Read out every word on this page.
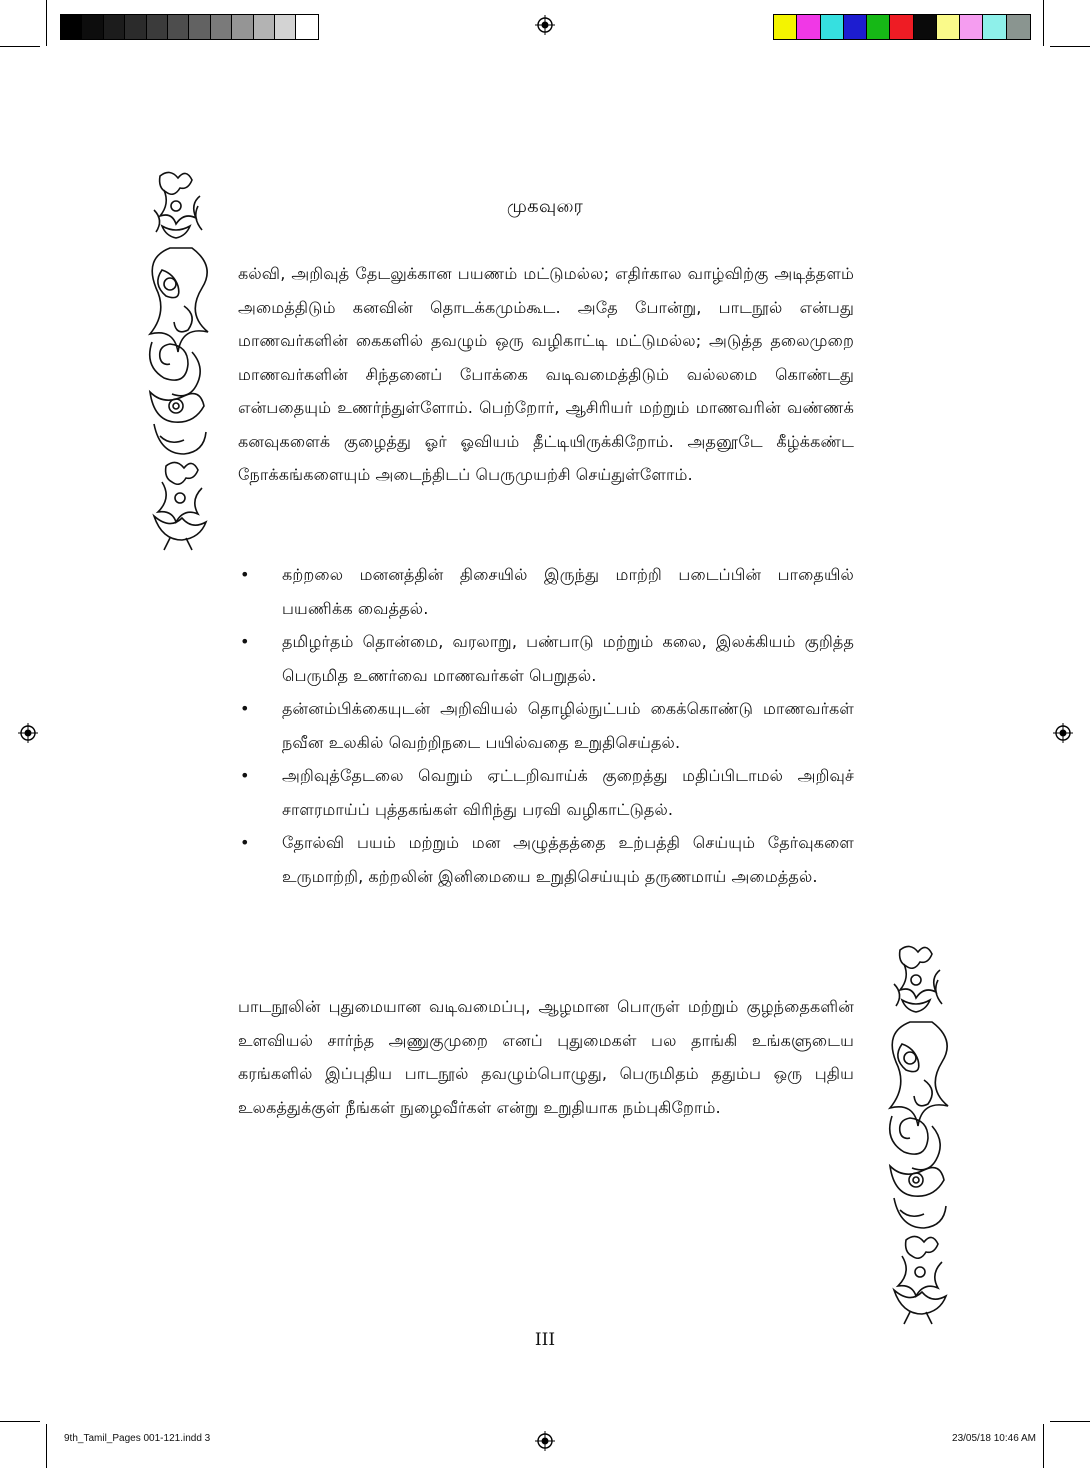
முகவுரை

கல்வி, அறிவுத் தேடலுக்கான பயணம் மட்டுமல்ல; எதிர்கால வாழ்விற்கு அடித்தளம் அமைத்திடும் கனவின் தொடக்கமும்கூட. அதே போன்று, பாடநூல் என்பது மாணவர்களின் கைகளில் தவழும் ஒரு வழிகாட்டி மட்டுமல்ல; அடுத்த தலைமுறை மாணவர்களின் சிந்தனைப் போக்கை வடிவமைத்திடும் வல்லமை கொண்டது என்பதையும் உணர்ந்துள்ளோம். பெற்றோர், ஆசிரியர் மற்றும் மாணவரின் வண்ணக் கனவுகளைக் குழைத்து ஓர் ஓவியம் தீட்டியிருக்கிறோம். அதனூடே கீழ்க்கண்ட நோக்கங்களையும் அடைந்திடப் பெருமுயற்சி செய்துள்ளோம்.

• கற்றலை மனனத்தின் திசையில் இருந்து மாற்றி படைப்பின் பாதையில் பயணிக்க வைத்தல்.
• தமிழர்தம் தொன்மை, வரலாறு, பண்பாடு மற்றும் கலை, இலக்கியம் குறித்த பெருமித உணர்வை மாணவர்கள் பெறுதல்.
• தன்னம்பிக்கையுடன் அறிவியல் தொழில்நுட்பம் கைக்கொண்டு மாணவர்கள் நவீன உலகில் வெற்றிநடை பயில்வதை உறுதிசெய்தல்.
• அறிவுத்தேடலை வெறும் ஏட்டறிவாய்க் குறைத்து மதிப்பிடாமல் அறிவுச் சாளரமாய்ப் புத்தகங்கள் விரிந்து பரவி வழிகாட்டுதல்.
• தோல்வி பயம் மற்றும் மன அழுத்தத்தை உற்பத்தி செய்யும் தேர்வுகளை உருமாற்றி, கற்றலின் இனிமையை உறுதிசெய்யும் தருணமாய் அமைத்தல்.

பாடநூலின் புதுமையான வடிவமைப்பு, ஆழமான பொருள் மற்றும் குழந்தைகளின் உளவியல் சார்ந்த அணுகுமுறை எனப் புதுமைகள் பல தாங்கி உங்களுடைய கரங்களில் இப்புதிய பாடநூல் தவழும்பொழுது, பெருமிதம் ததும்ப ஒரு புதிய உலகத்துக்குள் நீங்கள் நுழைவீர்கள் என்று உறுதியாக நம்புகிறோம்.

III
9th_Tamil_Pages 001-121.indd 3	23/05/18 10:46 AM
